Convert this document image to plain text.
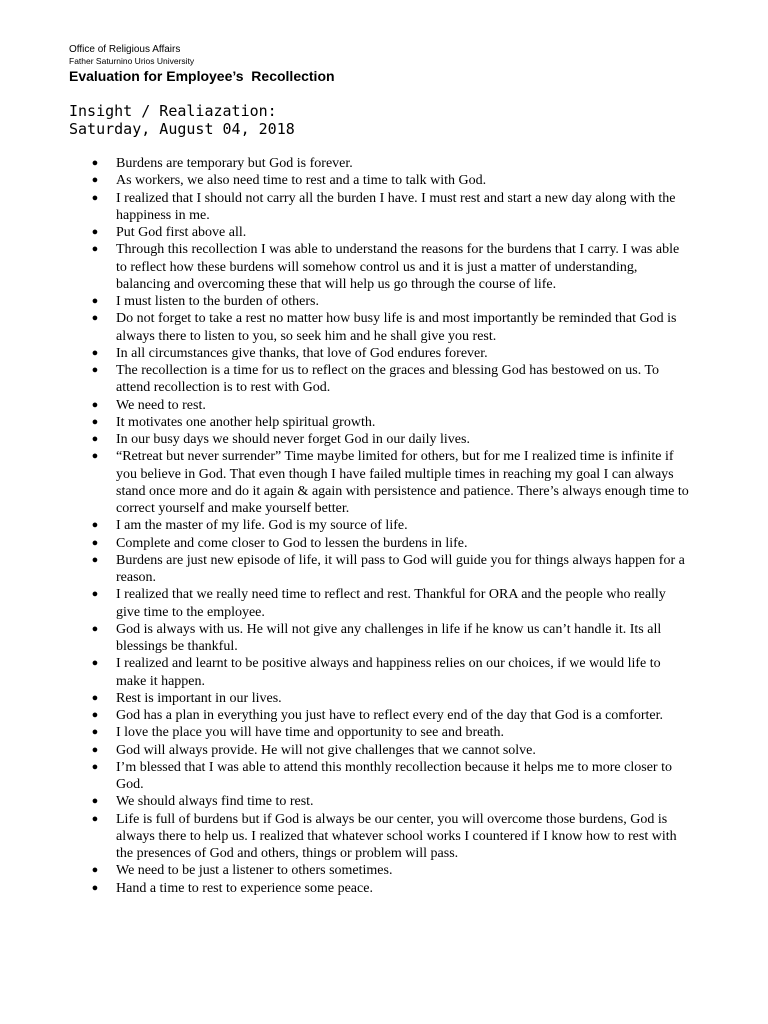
Office of Religious Affairs
Father Saturnino Urios University
Evaluation for Employee’s  Recollection
Insight / Realiazation:
Saturday, August 04, 2018
● Burdens are temporary but God is forever.
● As workers, we also need time to rest and a time to talk with God.
● I realized that I should not carry all the burden I have. I must rest and start a new day along with the happiness in me.
● Put God first above all.
● Through this recollection I was able to understand the reasons for the burdens that I carry. I was able to reflect how these burdens will somehow control us and it is just a matter of understanding, balancing and overcoming these that will help us go through the course of life.
● I must listen to the burden of others.
● Do not forget to take a rest no matter how busy life is and most importantly be reminded that God is always there to listen to you, so seek him and he shall give you rest.
● In all circumstances give thanks, that love of God endures forever.
● The recollection is a time for us to reflect on the graces and blessing God has bestowed on us. To attend recollection is to rest with God.
● We need to rest.
● It motivates one another help spiritual growth.
● In our busy days we should never forget God in our daily lives.
● “Retreat but never surrender” Time maybe limited for others, but for me I realized time is infinite if you believe in God. That even though I have failed multiple times in reaching my goal I can always stand once more and do it again & again with persistence and patience. There’s always enough time to correct yourself and make yourself better.
● I am the master of my life. God is my source of life.
● Complete and come closer to God to lessen the burdens in life.
● Burdens are just new episode of life, it will pass to God will guide you for things always happen for a reason.
● I realized that we really need time to reflect and rest. Thankful for ORA and the people who really give time to the employee.
● God is always with us. He will not give any challenges in life if he know us can’t handle it. Its all blessings be thankful.
● I realized and learnt to be positive always and happiness relies on our choices, if we would life to make it happen.
● Rest is important in our lives.
● God has a plan in everything you just have to reflect every end of the day that God is a comforter.
● I love the place you will have time and opportunity to see and breath.
● God will always provide. He will not give challenges that we cannot solve.
● I’m blessed that I was able to attend this monthly recollection because it helps me to more closer to God.
● We should always find time to rest.
● Life is full of burdens but if God is always be our center, you will overcome those burdens, God is always there to help us. I realized that whatever school works I countered if I know how to rest with the presences of God and others, things or problem will pass.
● We need to be just a listener to others sometimes.
● Hand a time to rest to experience some peace.
